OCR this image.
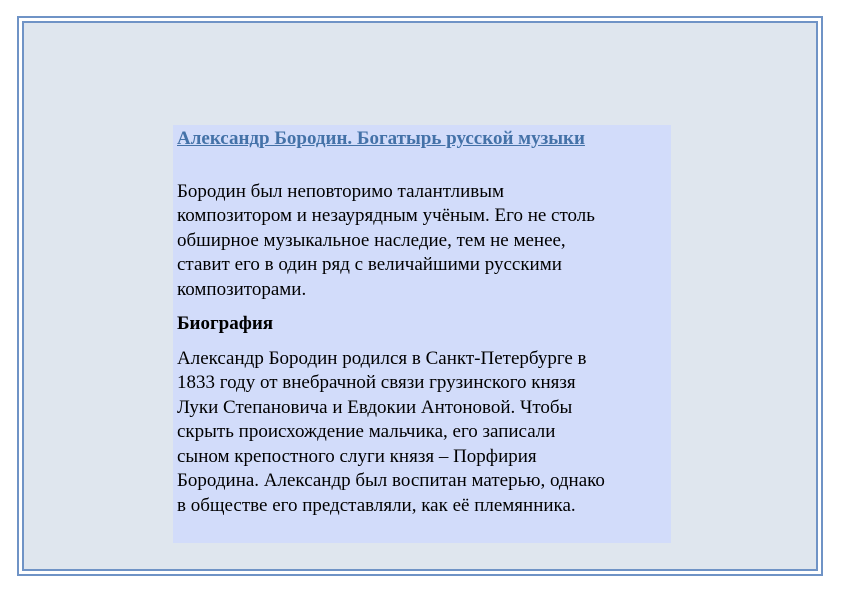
Александр Бородин. Богатырь русской музыки

Бородин был неповторимо талантливым
композитором и незаурядным учёным. Его не столь
обширное музыкальное наследие, тем не менее,
ставит его в один ряд с величайшими русскими
композиторами.

Биография

Александр Бородин родился в Санкт-Петербурге в
1833 году от внебрачной связи грузинского князя
Луки Степановича и Евдокии Антоновой. Чтобы
скрыть происхождение мальчика, его записали
сыном крепостного слуги князя – Порфирия
Бородина. Александр был воспитан матерью, однако
в обществе его представляли, как её племянника.
